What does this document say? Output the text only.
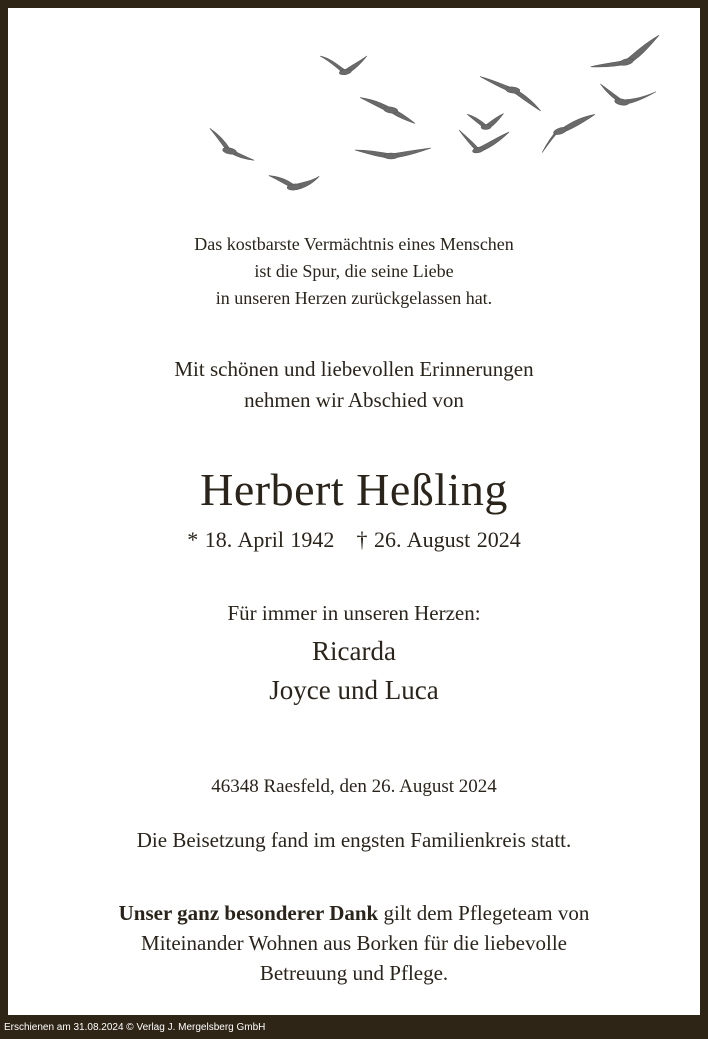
Das kostbarste Vermächtnis eines Menschen
ist die Spur, die seine Liebe
in unseren Herzen zurückgelassen hat.
Mit schönen und liebevollen Erinnerungen
nehmen wir Abschied von
Herbert Heßling
* 18. April 1942 † 26. August 2024
Für immer in unseren Herzen:
Ricarda
Joyce und Luca
46348 Raesfeld, den 26. August 2024
Die Beisetzung fand im engsten Familienkreis statt.
Unser ganz besonderer Dank gilt dem Pflegeteam von
Miteinander Wohnen aus Borken für die liebevolle
Betreuung und Pflege.
Erschienen am 31.08.2024 © Verlag J. Mergelsberg GmbH
